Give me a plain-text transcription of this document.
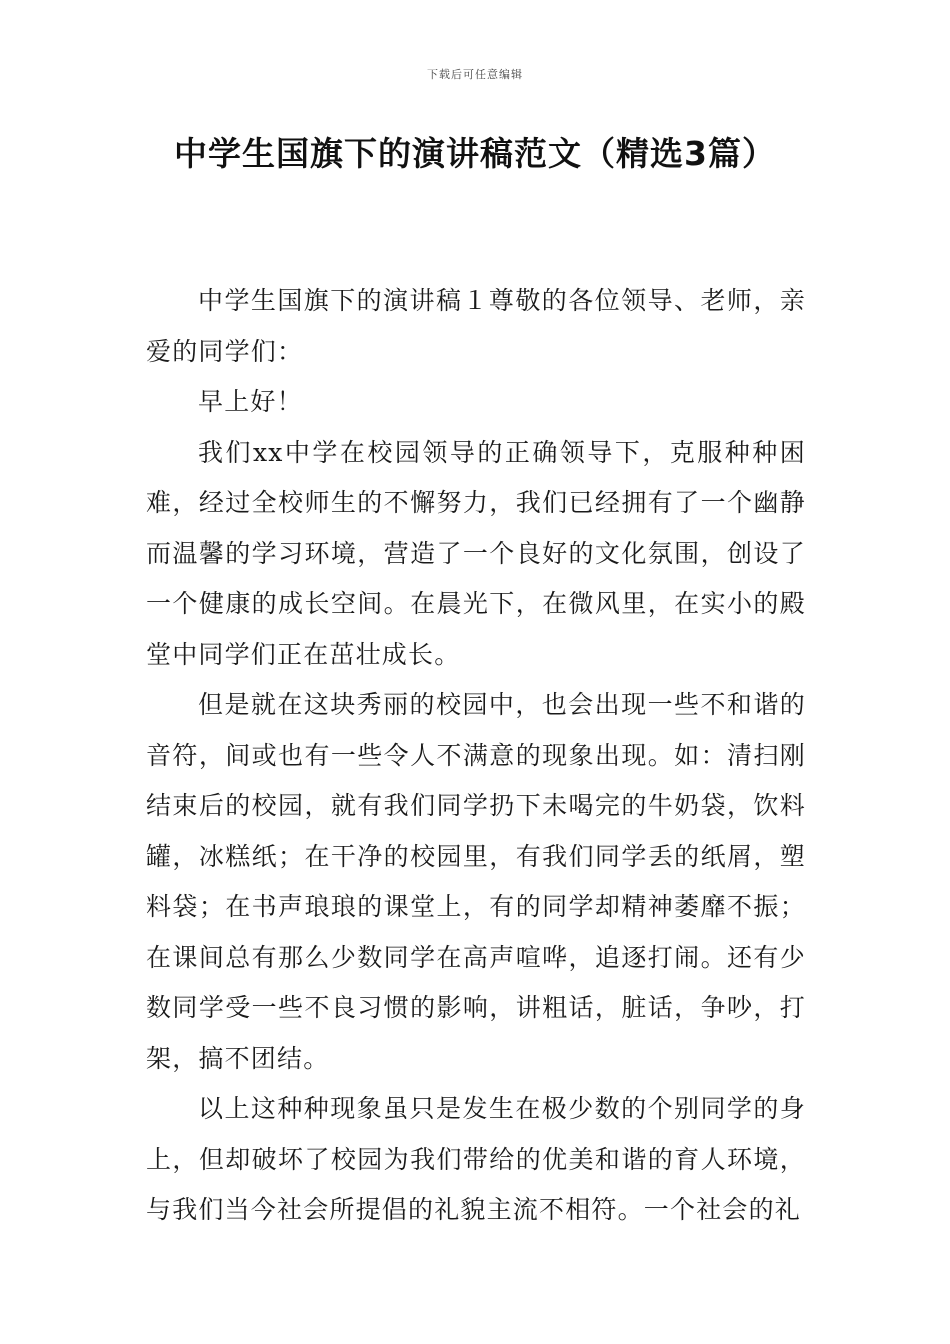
下载后可任意编辑
中学生国旗下的演讲稿范文（精选3篇）

中学生国旗下的演讲稿１尊敬的各位领导、老师，亲爱的同学们：

早上好！

我们xx中学在校园领导的正确领导下，克服种种困难，经过全校师生的不懈努力，我们已经拥有了一个幽静而温馨的学习环境，营造了一个良好的文化氛围，创设了一个健康的成长空间。在晨光下，在微风里，在实小的殿堂中同学们正在茁壮成长。

但是就在这块秀丽的校园中，也会出现一些不和谐的音符，间或也有一些令人不满意的现象出现。如：清扫刚结束后的校园，就有我们同学扔下未喝完的牛奶袋，饮料罐，冰糕纸；在干净的校园里，有我们同学丢的纸屑，塑料袋；在书声琅琅的课堂上，有的同学却精神萎靡不振；在课间总有那么少数同学在高声喧哗，追逐打闹。还有少数同学受一些不良习惯的影响，讲粗话，脏话，争吵，打架，搞不团结。

以上这种种现象虽只是发生在极少数的个别同学的身上，但却破坏了校园为我们带给的优美和谐的育人环境，与我们当今社会所提倡的礼貌主流不相符。一个社会的礼
